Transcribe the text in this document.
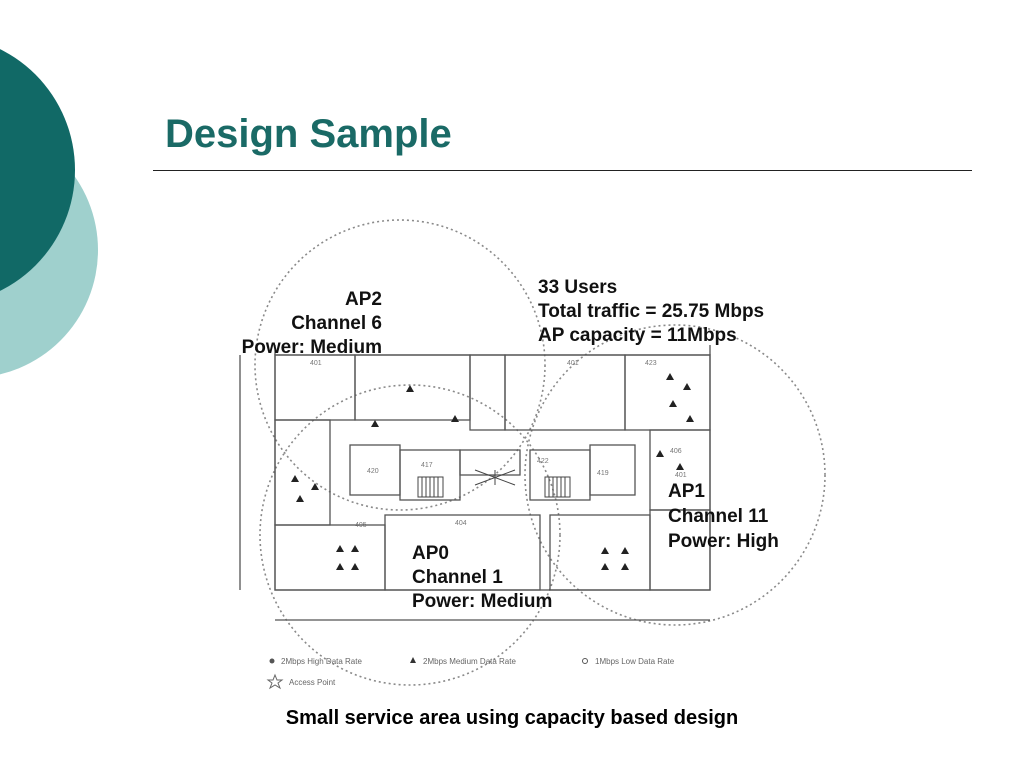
Design Sample
401
420
417
401
422
419
423
405	404
406
401
AP2
Channel 6
Power: Medium
33 Users
Total traffic = 25.75 Mbps
AP capacity = 11Mbps
AP1
Channel 11
Power: High
AP0
Channel 1
Power: Medium
2Mbps High Data Rate	2Mbps Medium Data Rate	1Mbps Low Data Rate
Access Point
Small service area using capacity based design
